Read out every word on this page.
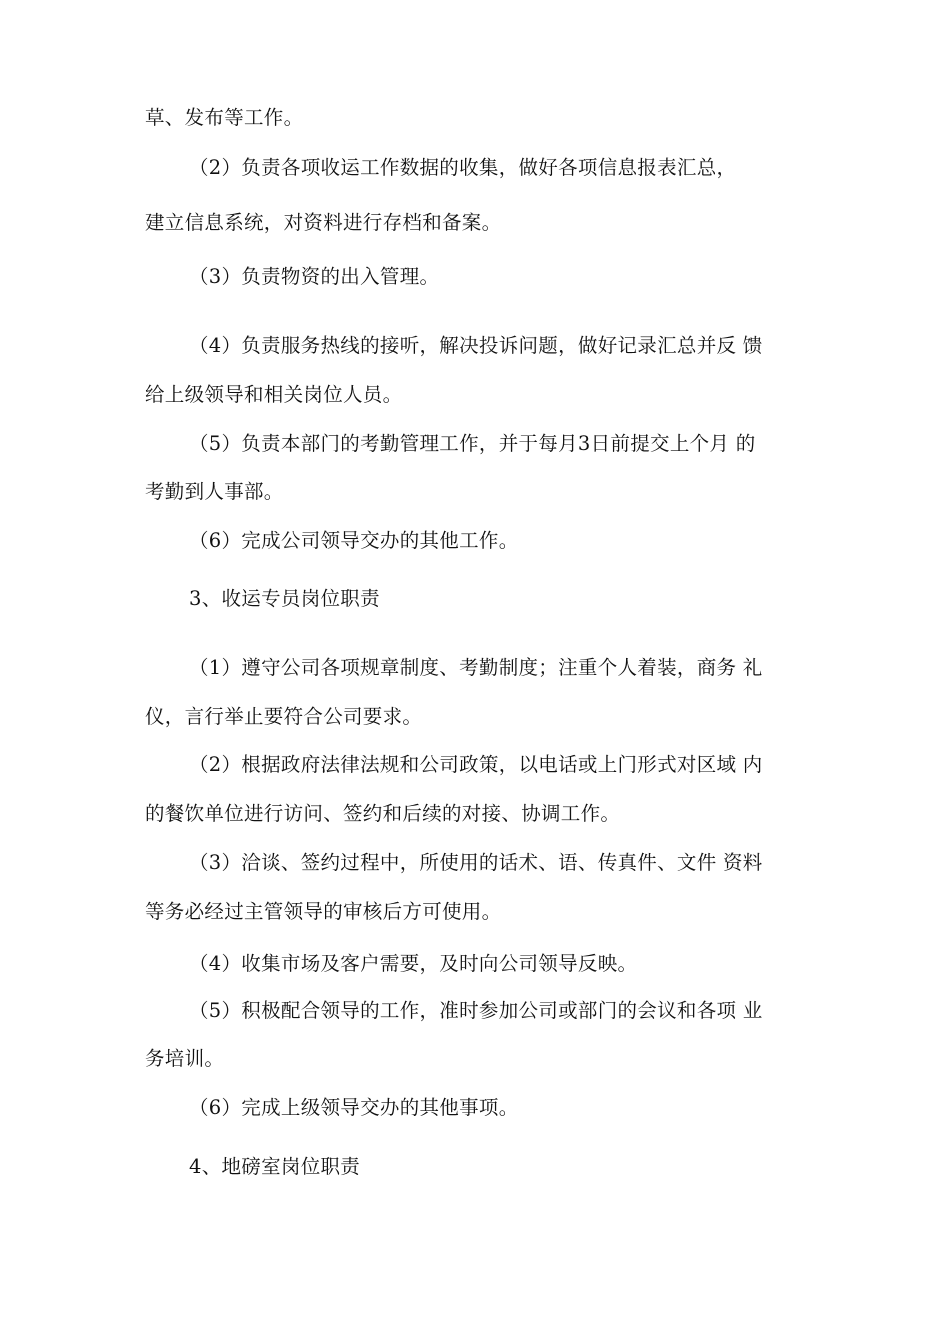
草、发布等工作。
（2）负责各项收运工作数据的收集，做好各项信息报表汇总，
建立信息系统，对资料进行存档和备案。
（3）负责物资的出入管理。
（4）负责服务热线的接听，解决投诉问题，做好记录汇总并反 馈
给上级领导和相关岗位人员。
（5）负责本部门的考勤管理工作，并于每月3日前提交上个月 的
考勤到人事部。
（6）完成公司领导交办的其他工作。
3、收运专员岗位职责
（1）遵守公司各项规章制度、考勤制度；注重个人着装，商务 礼
仪，言行举止要符合公司要求。
（2）根据政府法律法规和公司政策，以电话或上门形式对区域 内
的餐饮单位进行访问、签约和后续的对接、协调工作。
（3）洽谈、签约过程中，所使用的话术、语、传真件、文件 资料
等务必经过主管领导的审核后方可使用。
（4）收集市场及客户需要，及时向公司领导反映。
（5）积极配合领导的工作，准时参加公司或部门的会议和各项 业
务培训。
（6）完成上级领导交办的其他事项。
4、地磅室岗位职责
